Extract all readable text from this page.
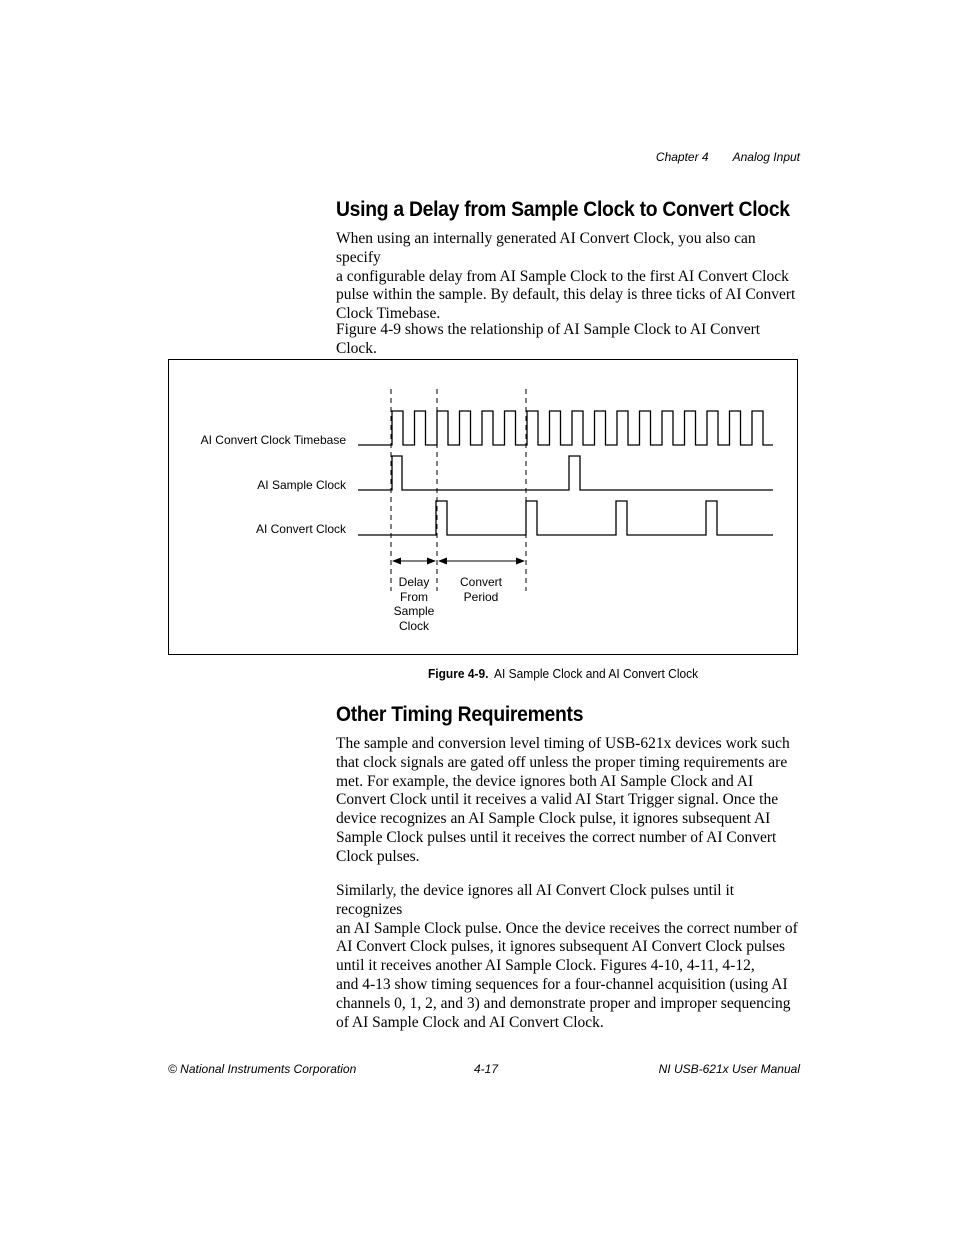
Chapter 4 Analog Input
Using a Delay from Sample Clock to Convert Clock

When using an internally generated AI Convert Clock, you also can specify
a configurable delay from AI Sample Clock to the first AI Convert Clock
pulse within the sample. By default, this delay is three ticks of AI Convert
Clock Timebase.

Figure 4-9 shows the relationship of AI Sample Clock to AI Convert Clock.

AI Convert Clock Timebase
AI Sample Clock
AI Convert Clock
Delay
From
Sample
Clock
Convert
Period
Figure 4-9. AI Sample Clock and AI Convert Clock
Other Timing Requirements

The sample and conversion level timing of USB-621x devices work such
that clock signals are gated off unless the proper timing requirements are
met. For example, the device ignores both AI Sample Clock and AI
Convert Clock until it receives a valid AI Start Trigger signal. Once the
device recognizes an AI Sample Clock pulse, it ignores subsequent AI
Sample Clock pulses until it receives the correct number of AI Convert
Clock pulses.

Similarly, the device ignores all AI Convert Clock pulses until it recognizes
an AI Sample Clock pulse. Once the device receives the correct number of
AI Convert Clock pulses, it ignores subsequent AI Convert Clock pulses
until it receives another AI Sample Clock. Figures 4-10, 4-11, 4-12,
and 4-13 show timing sequences for a four-channel acquisition (using AI
channels 0, 1, 2, and 3) and demonstrate proper and improper sequencing
of AI Sample Clock and AI Convert Clock.

© National Instruments Corporation	4-17	NI USB-621x User Manual
